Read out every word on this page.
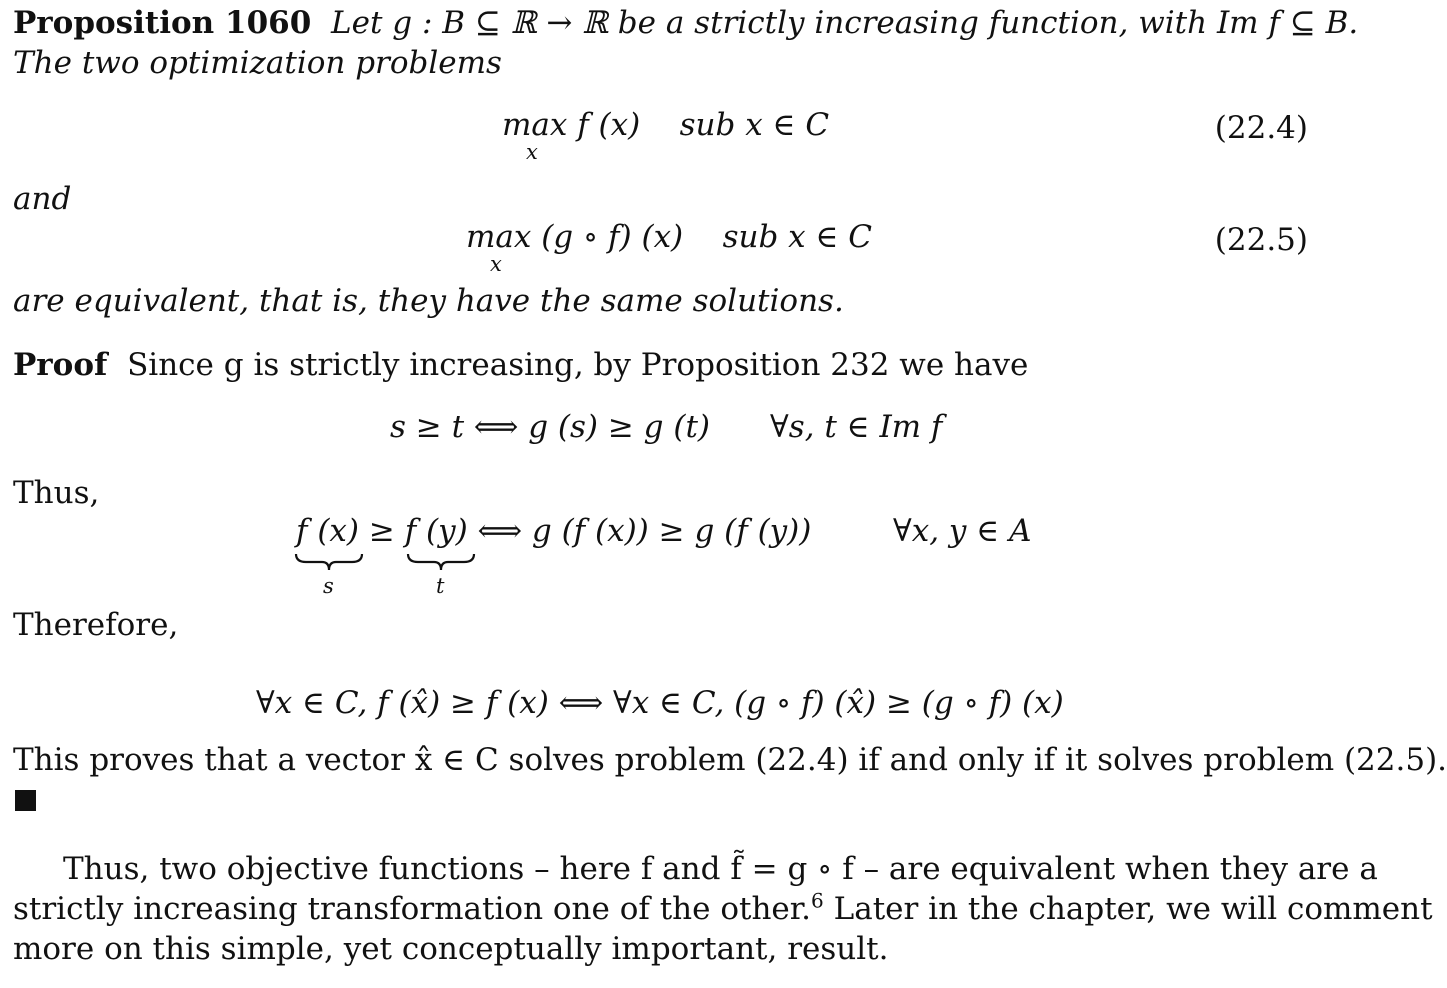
Proposition 1060 Let g : B ⊆ ℝ → ℝ be a strictly increasing function, with Im f ⊆ B.
The two optimization problems
max f (x)
x
sub x ∈ C	(22.4)
and
max (g ∘ f) (x)
x
sub x ∈ C	(22.5)
are equivalent, that is, they have the same solutions.
Proof Since g is strictly increasing, by Proposition 232 we have
s ≥ t ⟺ g (s) ≥ g (t) ∀s, t ∈ Im f
Thus,
f (x) ≥ f (y) ⟺ g (f (x)) ≥ g (f (y))
s	t
∀x, y ∈ A
Therefore,
∀x ∈ C, f (x̂) ≥ f (x) ⟺ ∀x ∈ C, (g ∘ f) (x̂) ≥ (g ∘ f) (x)
This proves that a vector x̂ ∈ C solves problem (22.4) if and only if it solves problem (22.5).
Thus, two objective functions – here f and f̃ = g ∘ f – are equivalent when they are a
strictly increasing transformation one of the other.$^6$ Later in the chapter, we will comment
more on this simple, yet conceptually important, result.
